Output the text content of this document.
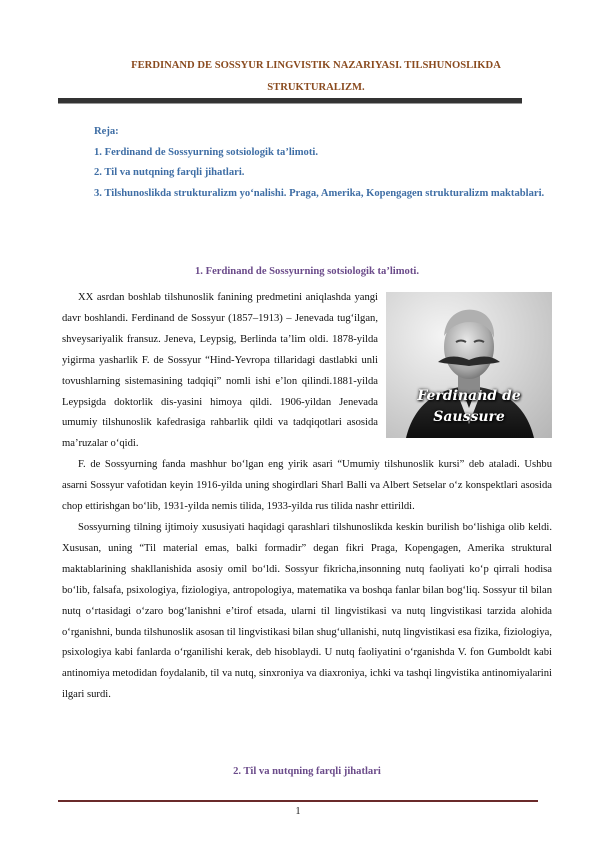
FERDINAND DE SOSSYUR LINGVISTIK NAZARIYASI. TILSHUNOSLIKDA
STRUKTURALIZM.
Reja:
1. Ferdinand de Sossyurning sotsiologik ta’limoti.
2. Til va nutqning farqli jihatlari.
3. Tilshunoslikda strukturalizm yo‘nalishi. Praga, Amerika, Kopengagen strukturalizm maktablari.
1. Ferdinand de Sossyurning sotsiologik ta’limoti.
Ferdinand de Saussure

XX asrdan boshlab tilshunoslik fanining predmetini aniqlashda yangi davr boshlandi. Ferdinand de Sossyur (1857–1913) – Jenevada tug‘ilgan, shveysariyalik fransuz. Jeneva, Leypsig, Berlinda ta’lim oldi. 1878-yilda yigirma yasharlik F. de Sossyur “Hind-Yevropa tillaridagi dastlabki unli tovushlarning sistemasining tadqiqi” nomli ishi e’lon qilindi.1881-yilda Leypsigda doktorlik dis-yasini himoya qildi. 1906-yildan Jenevada umumiy tilshunoslik kafedrasiga rahbarlik qildi va tadqiqotlari asosida ma’ruzalar o‘qidi.

F. de Sossyurning fanda mashhur bo‘lgan eng yirik asari “Umumiy tilshunoslik kursi” deb ataladi. Ushbu asarni Sossyur vafotidan keyin 1916-yilda uning shogirdlari Sharl Balli va Albert Setselar o‘z konspektlari asosida chop ettirishgan bo‘lib, 1931-yilda nemis tilida, 1933-yilda rus tilida nashr ettirildi.

Sossyurning tilning ijtimoiy xususiyati haqidagi qarashlari tilshunoslikda keskin burilish bo‘lishiga olib keldi. Xususan, uning “Til material emas, balki formadir” degan fikri Praga, Kopengagen, Amerika struktural maktablarining shakllanishida asosiy omil bo‘ldi. Sossyur fikricha,insonning nutq faoliyati ko‘p qirrali hodisa bo‘lib, falsafa, psixologiya, fiziologiya, antropologiya, matematika va boshqa fanlar bilan bog‘liq. Sossyur til bilan nutq o‘rtasidagi o‘zaro bog‘lanishni e’tirof etsada, ularni til lingvistikasi va nutq lingvistikasi tarzida alohida o‘rganishni, bunda tilshunoslik asosan til lingvistikasi bilan shug‘ullanishi, nutq lingvistikasi esa fizika, fiziologiya, psixologiya kabi fanlarda o‘rganilishi kerak, deb hisoblaydi. U nutq faoliyatini o‘rganishda V. fon Gumboldt kabi antinomiya metodidan foydalanib, til va nutq, sinxroniya va diaxroniya, ichki va tashqi lingvistika antinomiyalarini ilgari surdi.

2. Til va nutqning farqli jihatlari
1
